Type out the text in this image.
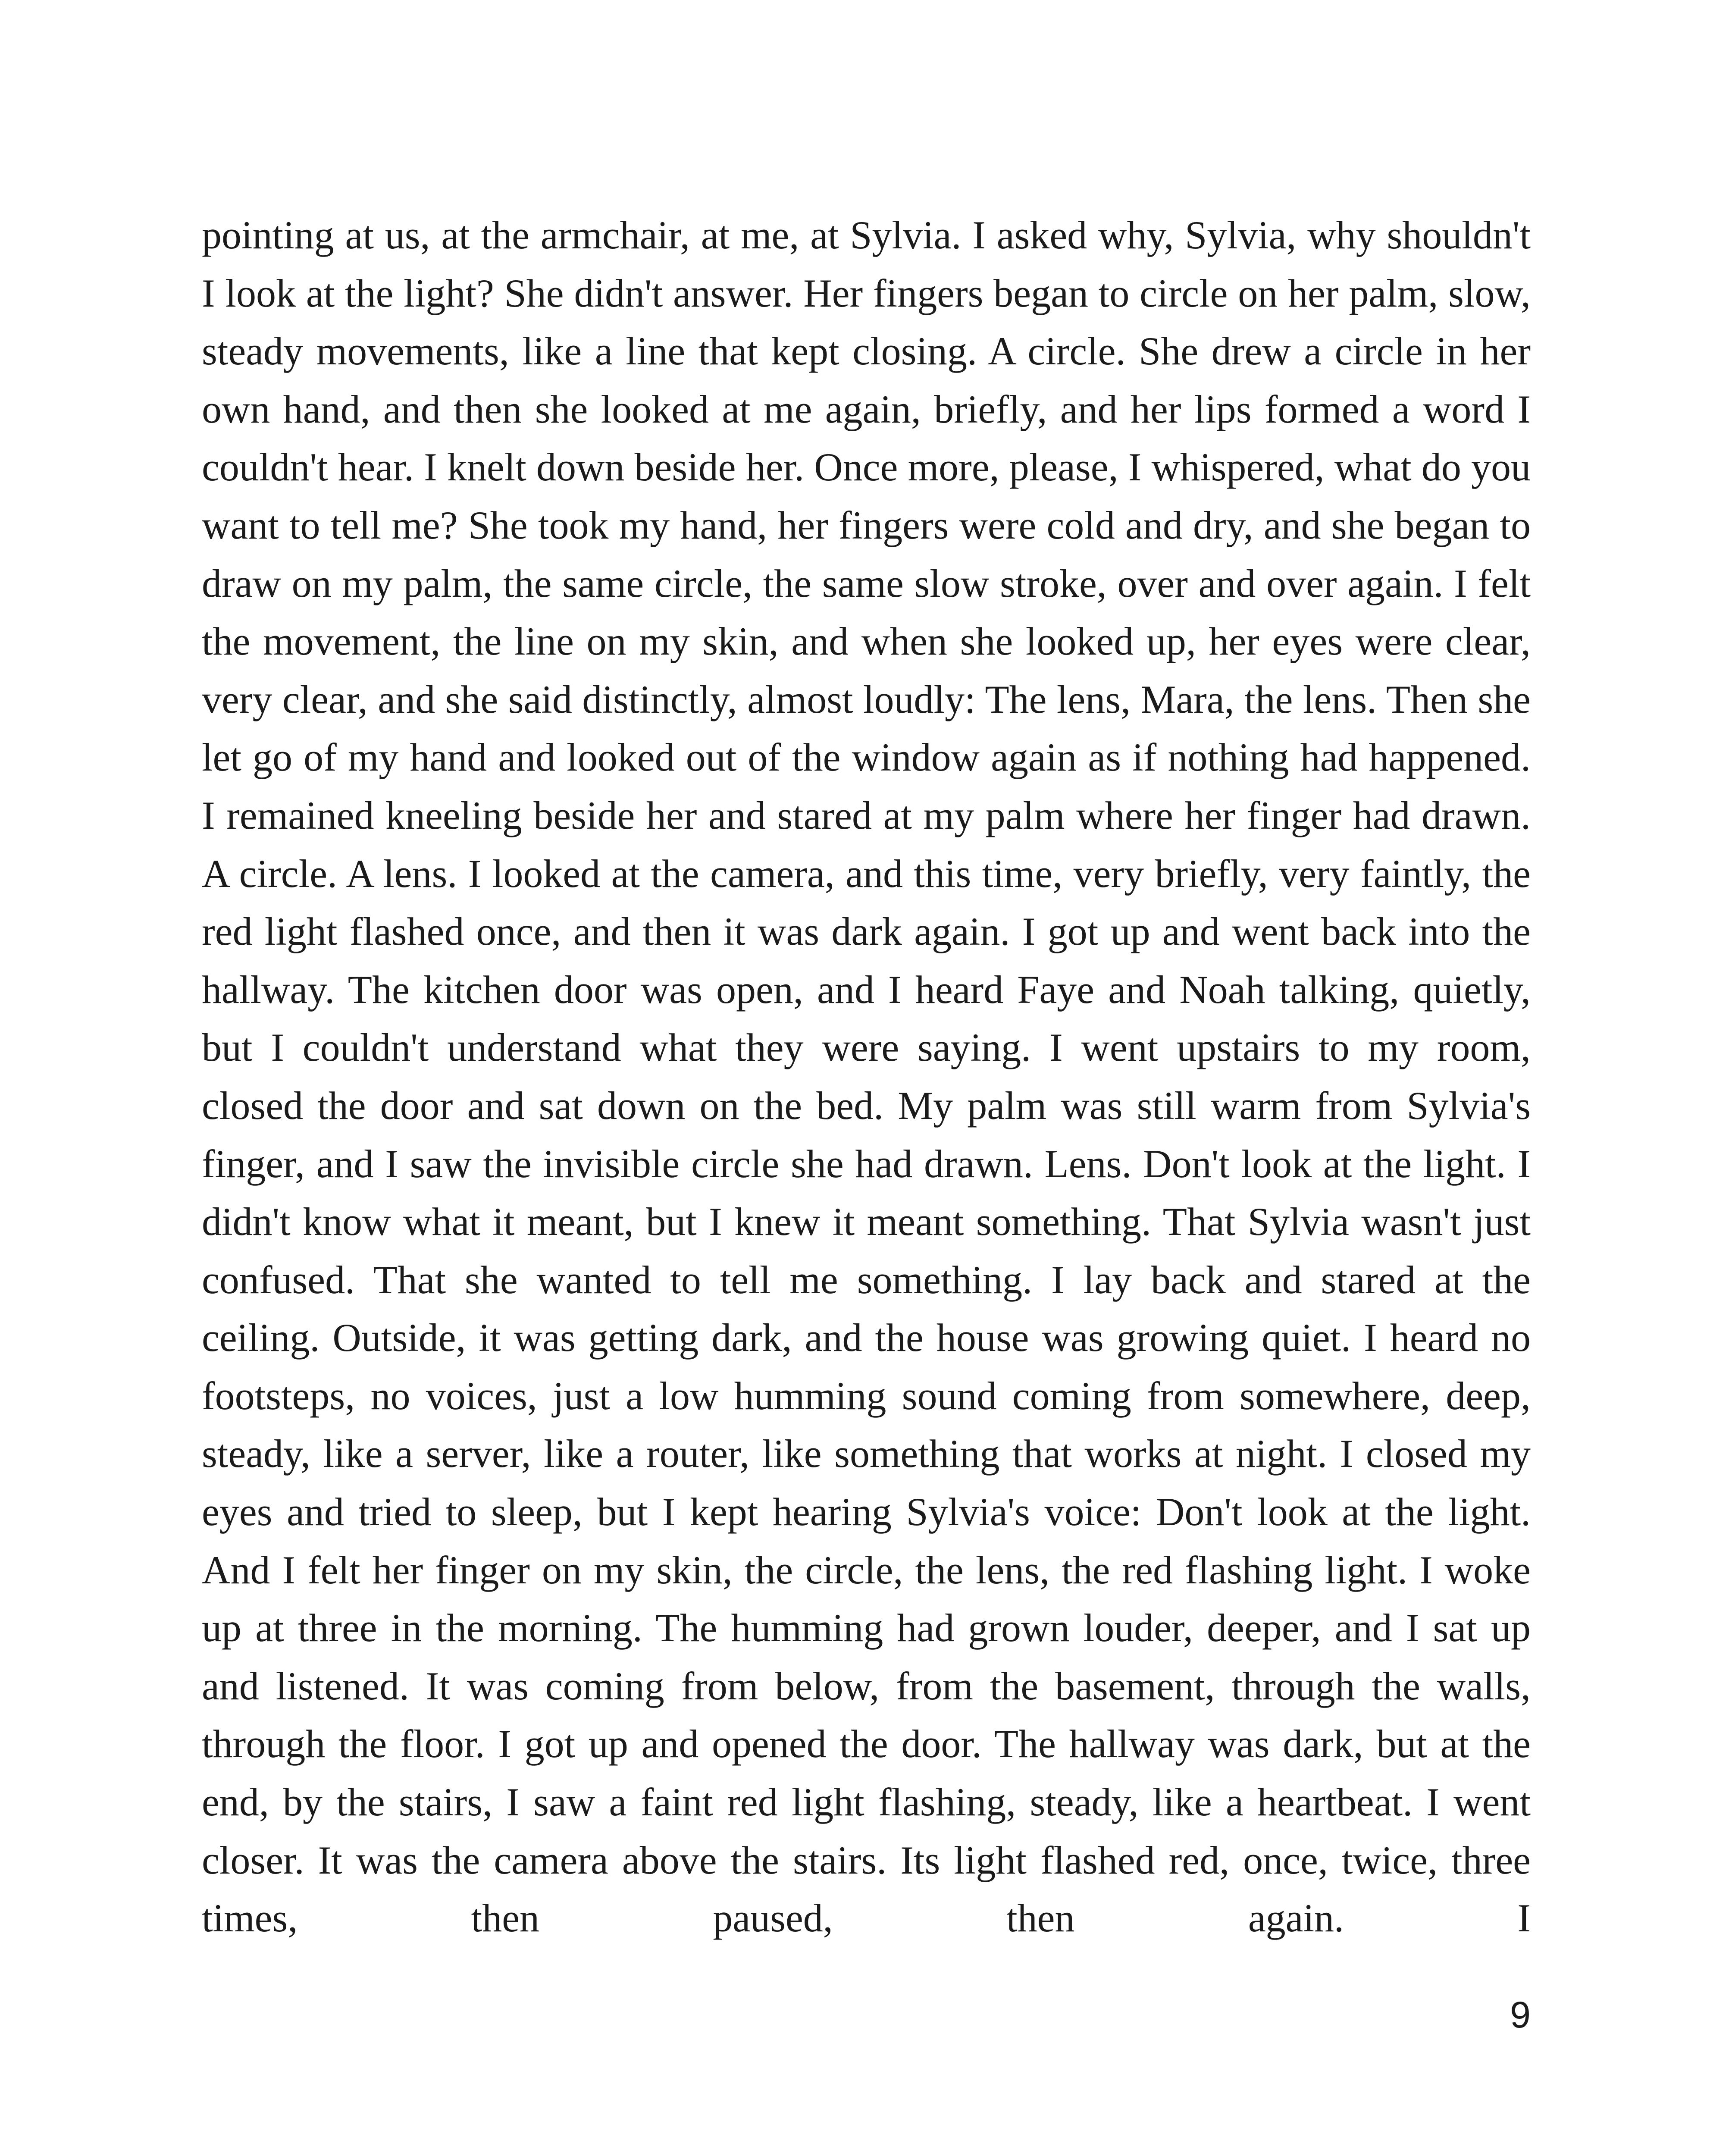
pointing at us, at the armchair, at me, at Sylvia. I asked why, Sylvia, why shouldn't I look at the light? She didn't answer. Her fingers began to circle on her palm, slow, steady movements, like a line that kept closing. A circle. She drew a circle in her own hand, and then she looked at me again, briefly, and her lips formed a word I couldn't hear. I knelt down beside her. Once more, please, I whispered, what do you want to tell me? She took my hand, her fingers were cold and dry, and she began to draw on my palm, the same circle, the same slow stroke, over and over again. I felt the movement, the line on my skin, and when she looked up, her eyes were clear, very clear, and she said distinctly, almost loudly: The lens, Mara, the lens. Then she let go of my hand and looked out of the window again as if nothing had happened. I remained kneeling beside her and stared at my palm where her finger had drawn. A circle. A lens. I looked at the camera, and this time, very briefly, very faintly, the red light flashed once, and then it was dark again. I got up and went back into the hallway. The kitchen door was open, and I heard Faye and Noah talking, quietly, but I couldn't understand what they were saying. I went upstairs to my room, closed the door and sat down on the bed. My palm was still warm from Sylvia's finger, and I saw the invisible circle she had drawn. Lens. Don't look at the light. I didn't know what it meant, but I knew it meant something. That Sylvia wasn't just confused. That she wanted to tell me something. I lay back and stared at the ceiling. Outside, it was getting dark, and the house was growing quiet. I heard no footsteps, no voices, just a low humming sound coming from somewhere, deep, steady, like a server, like a router, like something that works at night. I closed my eyes and tried to sleep, but I kept hearing Sylvia's voice: Don't look at the light. And I felt her finger on my skin, the circle, the lens, the red flashing light. I woke up at three in the morning. The humming had grown louder, deeper, and I sat up and listened. It was coming from below, from the basement, through the walls, through the floor. I got up and opened the door. The hallway was dark, but at the end, by the stairs, I saw a faint red light flashing, steady, like a heartbeat. I went closer. It was the camera above the stairs. Its light flashed red, once, twice, three times, then paused, then again. I

9
